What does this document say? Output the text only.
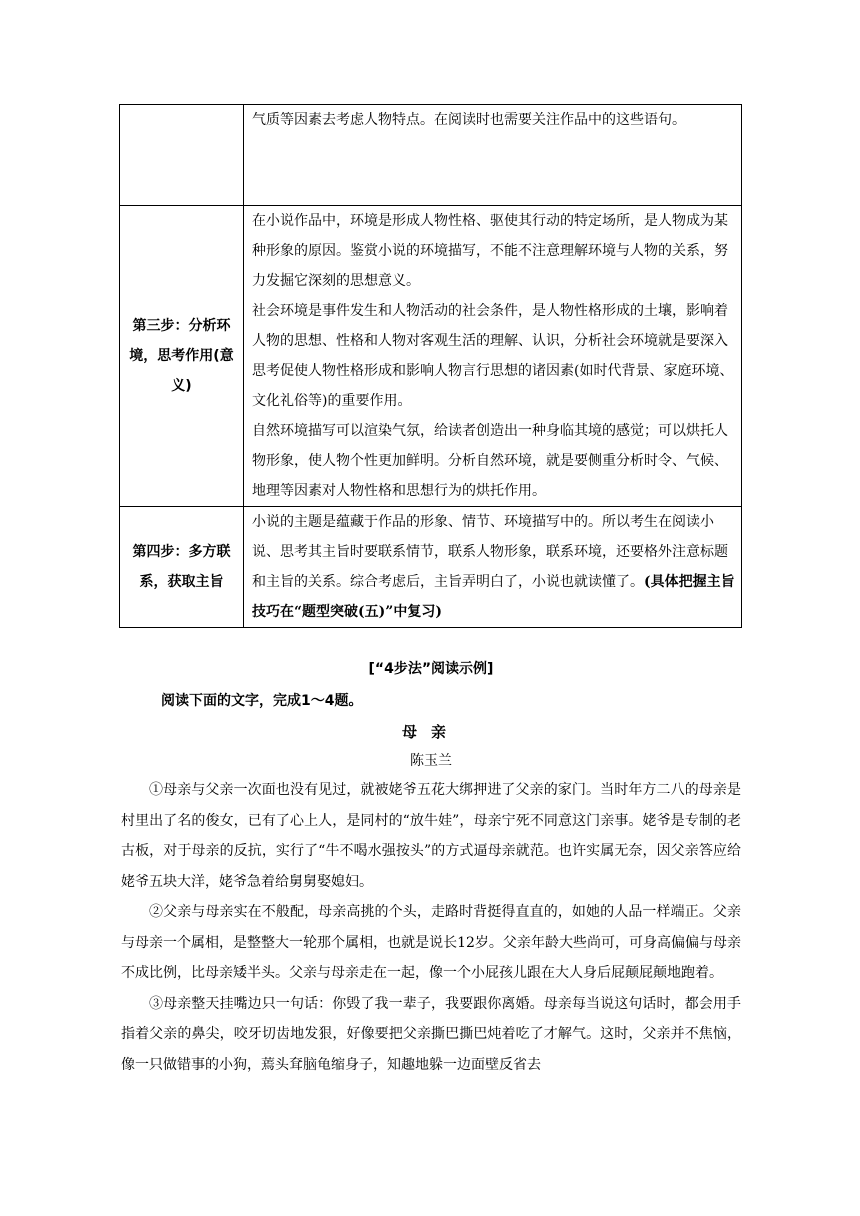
	气质等因素去考虑人物特点。在阅读时也需要关注作品中的这些语句。

第三步：分析环境，思考作用(意义)	在小说作品中，环境是形成人物性格、驱使其行动的特定场所，是人物成为某种形象的原因。鉴赏小说的环境描写，不能不注意理解环境与人物的关系，努力发掘它深刻的思想意义。

社会环境是事件发生和人物活动的社会条件，是人物性格形成的土壤，影响着人物的思想、性格和人物对客观生活的理解、认识，分析社会环境就是要深入思考促使人物性格形成和影响人物言行思想的诸因素(如时代背景、家庭环境、文化礼俗等)的重要作用。

自然环境描写可以渲染气氛，给读者创造出一种身临其境的感觉；可以烘托人物形象，使人物个性更加鲜明。分析自然环境，就是要侧重分析时令、气候、地理等因素对人物性格和思想行为的烘托作用。

第四步：多方联系，获取主旨	小说的主题是蕴藏于作品的形象、情节、环境描写中的。所以考生在阅读小说、思考其主旨时要联系情节，联系人物形象，联系环境，还要格外注意标题和主旨的关系。综合考虑后，主旨弄明白了，小说也就读懂了。(具体把握主旨技巧在“题型突破(五)”中复习)

[“4步法”阅读示例]
阅读下面的文字，完成1～4题。
母亲
陈玉兰

①母亲与父亲一次面也没有见过，就被姥爷五花大绑押进了父亲的家门。当时年方二八的母亲是村里出了名的俊女，已有了心上人，是同村的“放牛娃”，母亲宁死不同意这门亲事。姥爷是专制的老古板，对于母亲的反抗，实行了“牛不喝水强按头”的方式逼母亲就范。也许实属无奈，因父亲答应给姥爷五块大洋，姥爷急着给舅舅娶媳妇。

②父亲与母亲实在不般配，母亲高挑的个头，走路时背挺得直直的，如她的人品一样端正。父亲与母亲一个属相，是整整大一轮那个属相，也就是说长12岁。父亲年龄大些尚可，可身高偏偏与母亲不成比例，比母亲矮半头。父亲与母亲走在一起，像一个小屁孩儿跟在大人身后屁颠屁颠地跑着。

③母亲整天挂嘴边只一句话：你毁了我一辈子，我要跟你离婚。母亲每当说这句话时，都会用手指着父亲的鼻尖，咬牙切齿地发狠，好像要把父亲撕巴撕巴炖着吃了才解气。这时，父亲并不焦恼，像一只做错事的小狗，蔫头耷脑龟缩身子，知趣地躲一边面壁反省去
